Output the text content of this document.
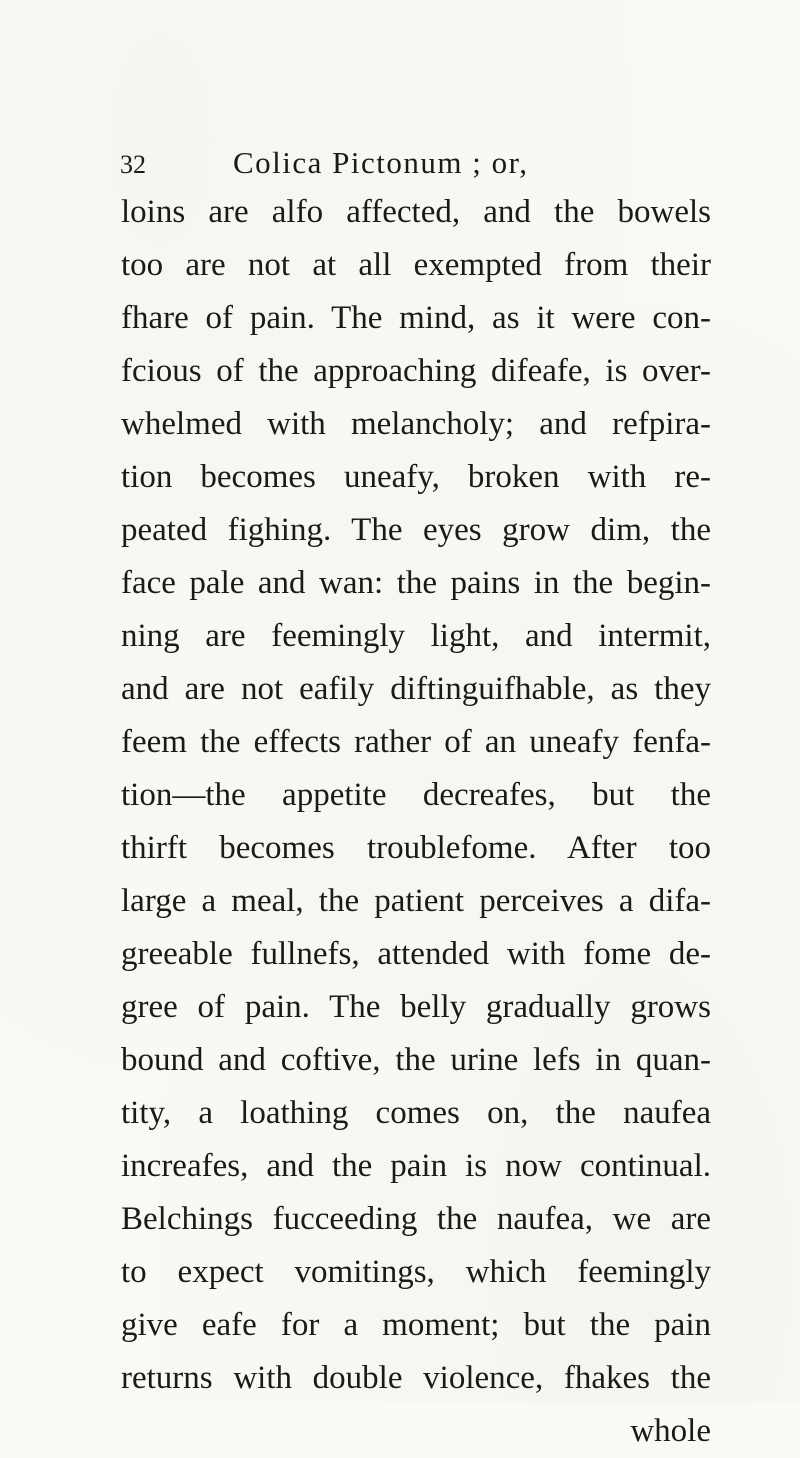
32	Colica Pictonum ; or,
loins are alfo affected, and the bowels
too are not at all exempted from their
fhare of pain. The mind, as it were con-
fcious of the approaching difeafe, is over-
whelmed with melancholy; and refpira-
tion becomes uneafy, broken with re-
peated fighing. The eyes grow dim, the
face pale and wan: the pains in the begin-
ning are feemingly light, and intermit,
and are not eafily diftinguifhable, as they
feem the effects rather of an uneafy fenfa-
tion—the appetite decreafes, but the
thirft becomes troublefome. After too
large a meal, the patient perceives a difa-
greeable fullnefs, attended with fome de-
gree of pain. The belly gradually grows
bound and coftive, the urine lefs in quan-
tity, a loathing comes on, the naufea
increafes, and the pain is now continual.
Belchings fucceeding the naufea, we are
to expect vomitings, which feemingly
give eafe for a moment; but the pain
returns with double violence, fhakes the
whole
